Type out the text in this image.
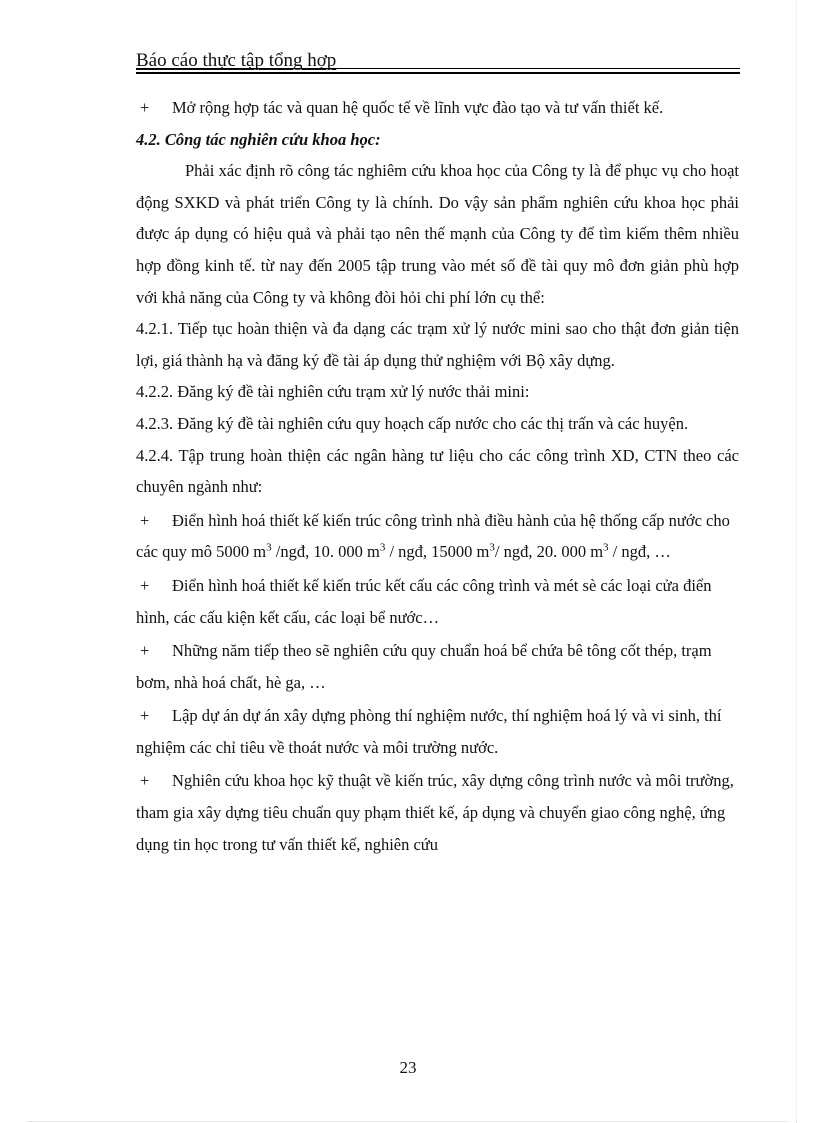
Báo cáo thực tập tổng hợp
+ Mở rộng hợp tác và quan hệ quốc tế về lĩnh vực đào tạo và tư vấn thiết kế.

4.2. Công tác nghiên cứu khoa học:

Phải xác định rõ công tác nghiêm cứu khoa học của Công ty là để phục vụ cho hoạt động SXKD và phát triển Công ty là chính. Do vậy sản phẩm nghiên cứu khoa học phải được áp dụng có hiệu quả và phải tạo nên thế mạnh của Công ty để tìm kiếm thêm nhiều hợp đồng kinh tế. từ nay đến 2005 tập trung vào mét số đề tài quy mô đơn giản phù hợp với khả năng của Công ty và không đòi hỏi chi phí lớn cụ thể:

4.2.1. Tiếp tục hoàn thiện và đa dạng các trạm xử lý nước mini sao cho thật đơn giản tiện lợi, giá thành hạ và đăng ký đề tài áp dụng thử nghiệm với Bộ xây dựng.

4.2.2. Đăng ký đề tài nghiên cứu trạm xử lý nước thải mini:

4.2.3. Đăng ký đề tài nghiên cứu quy hoạch cấp nước cho các thị trấn và các huyện.

4.2.4. Tập trung hoàn thiện các ngân hàng tư liệu cho các công trình XD, CTN theo các chuyên ngành như:

+ Điển hình hoá thiết kế kiến trúc công trình nhà điều hành của hệ thống cấp nước cho các quy mô 5000 $m^3$ /ngđ, 10. 000 $m^3$ / ngđ, 15000 $m^3/$ ngđ, 20. 000 $m^3$ / ngđ, …
+ Điển hình hoá thiết kế kiến trúc kết cấu các công trình và mét sè các loại cửa điển hình, các cấu kiện kết cấu, các loại bể nước…
+ Những năm tiếp theo sẽ nghiên cứu quy chuẩn hoá bể chứa bê tông cốt thép, trạm bơm, nhà hoá chất, hè ga, …
+ Lập dự án dự án xây dựng phòng thí nghiệm nước, thí nghiệm hoá lý và vi sinh, thí nghiệm các chỉ tiêu về thoát nước và môi trường nước.
+ Nghiên cứu khoa học kỹ thuật về kiến trúc, xây dựng công trình nước và môi trường, tham gia xây dựng tiêu chuẩn quy phạm thiết kế, áp dụng và chuyển giao công nghệ, ứng dụng tin học trong tư vấn thiết kế, nghiên cứu
23
